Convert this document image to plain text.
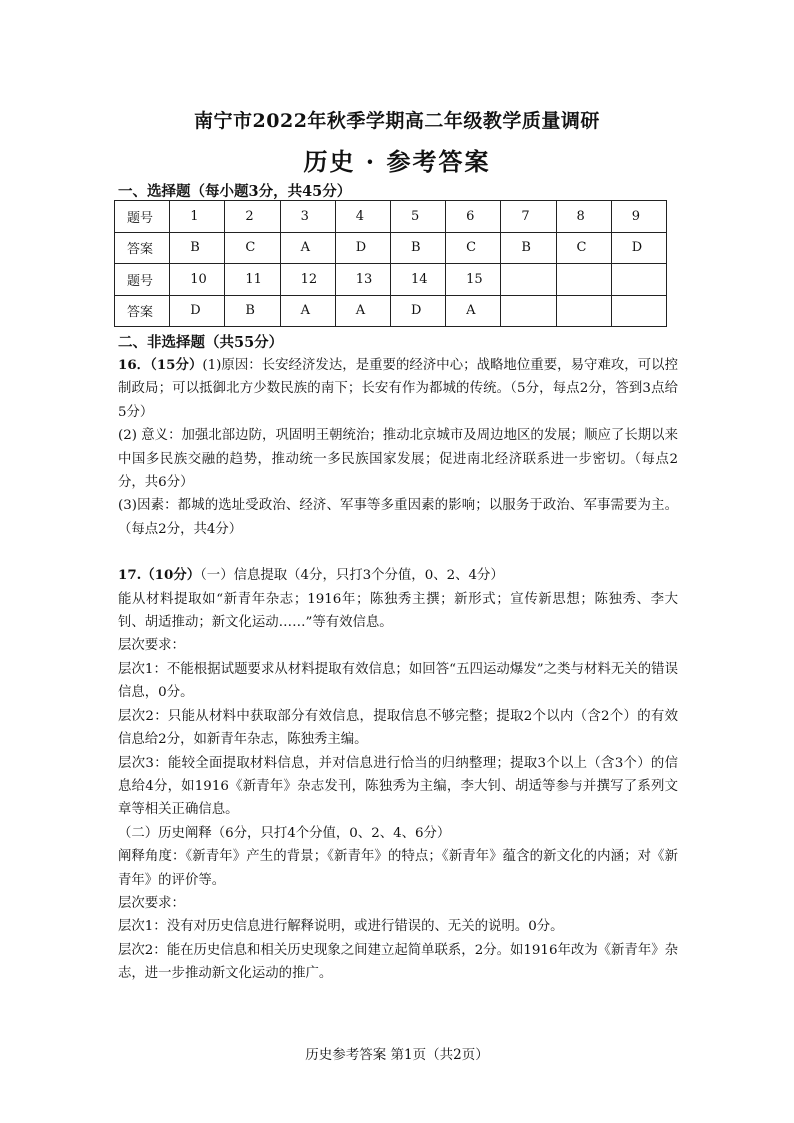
南宁市2022年秋季学期高二年级教学质量调研
历史 · 参考答案
一、选择题（每小题3分，共45分）
题号	1	2	3	4	5	6	7	8	9
答案	B	C	A	D	B	C	B	C	D
题号	10	11	12	13	14	15			
答案	D	B	A	A	D	A			
二、非选择题（共55分）

16．（15分）(1)原因：长安经济发达，是重要的经济中心；战略地位重要，易守难攻，可以控制政局；可以抵御北方少数民族的南下；长安有作为都城的传统。（5分，每点2分，答到3点给5分）

(2) 意义：加强北部边防，巩固明王朝统治；推动北京城市及周边地区的发展；顺应了长期以来中国多民族交融的趋势，推动统一多民族国家发展；促进南北经济联系进一步密切。（每点2分，共6分）

(3)因素：都城的选址受政治、经济、军事等多重因素的影响；以服务于政治、军事需要为主。（每点2分，共4分）

17.（10分）（一）信息提取（4分，只打3个分值，0、2、4分）

能从材料提取如“新青年杂志；1916年；陈独秀主撰；新形式；宣传新思想；陈独秀、李大钊、胡适推动；新文化运动……”等有效信息。

层次要求：

层次1：不能根据试题要求从材料提取有效信息；如回答“五四运动爆发”之类与材料无关的错误信息，0分。

层次2：只能从材料中获取部分有效信息，提取信息不够完整；提取2个以内（含2个）的有效信息给2分，如新青年杂志，陈独秀主编。

层次3：能较全面提取材料信息，并对信息进行恰当的归纳整理；提取3个以上（含3个）的信息给4分，如1916《新青年》杂志发刊，陈独秀为主编，李大钊、胡适等参与并撰写了系列文章等相关正确信息。

（二）历史阐释（6分，只打4个分值，0、2、4、6分）

阐释角度：《新青年》产生的背景；《新青年》的特点；《新青年》蕴含的新文化的内涵；对《新青年》的评价等。

层次要求：

层次1：没有对历史信息进行解释说明，或进行错误的、无关的说明。0分。

层次2：能在历史信息和相关历史现象之间建立起简单联系，2分。如1916年改为《新青年》杂志，进一步推动新文化运动的推广。

历史参考答案 第1页（共2页）
